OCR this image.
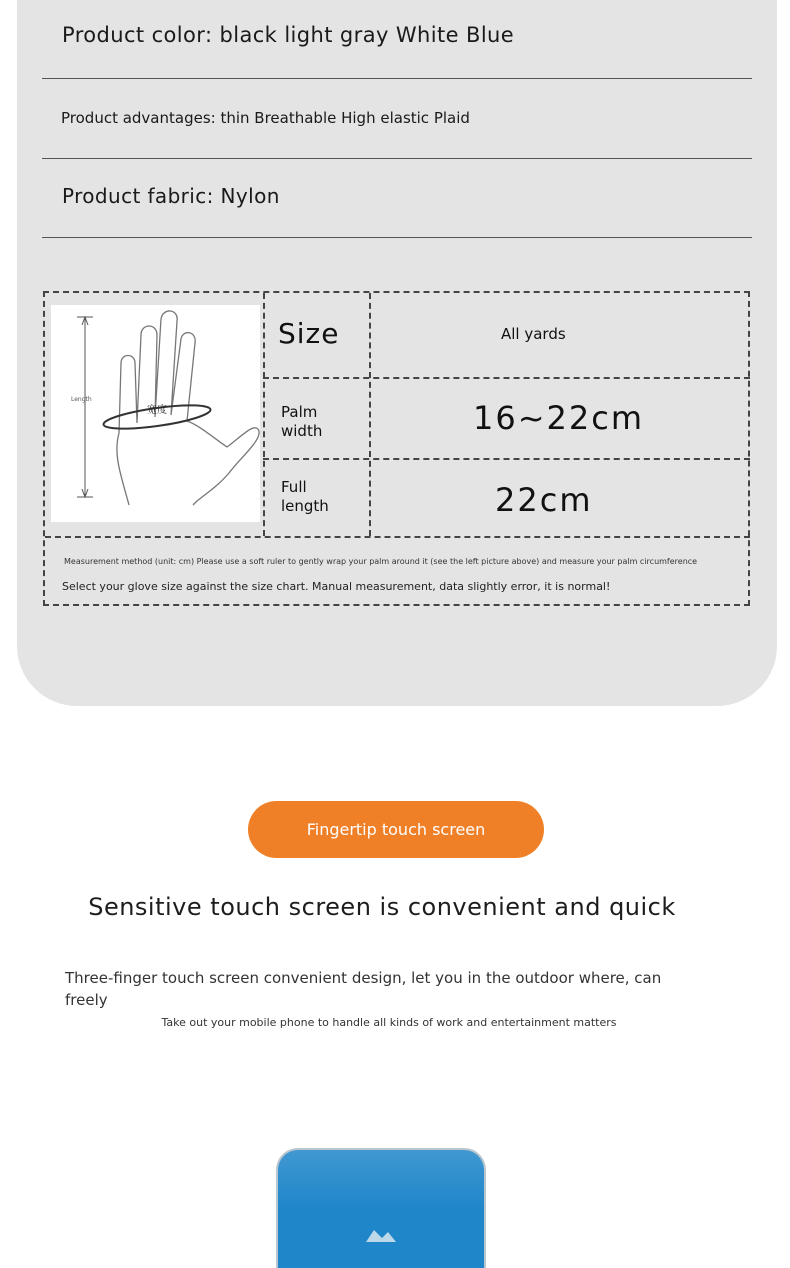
Product color: black light gray White Blue
Product advantages: thin Breathable High elastic Plaid
Product fabric: Nylon
Length
宽度
Size	All yards
Palm
width	16~22cm
Full
length	22cm
Measurement method (unit: cm) Please use a soft ruler to gently wrap your palm around it (see the left picture above) and measure your palm circumference
Select your glove size against the size chart. Manual measurement, data slightly error, it is normal!
Fingertip touch screen
Sensitive touch screen is convenient and quick
Three-finger touch screen convenient design, let you in the outdoor where, can freely
Take out your mobile phone to handle all kinds of work and entertainment matters
